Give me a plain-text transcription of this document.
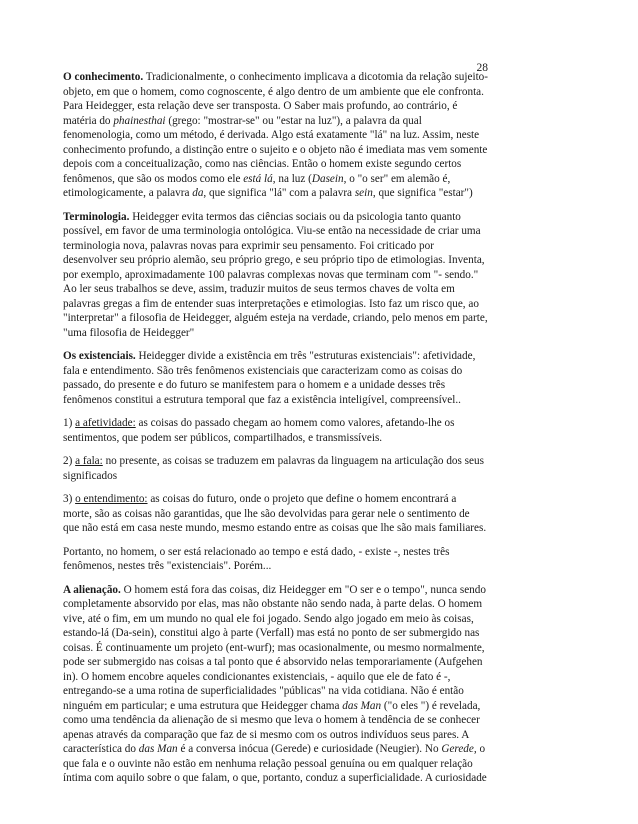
28

O conhecimento. Tradicionalmente, o conhecimento implicava a dicotomia da relação sujeito-objeto, em que o homem, como cognoscente, é algo dentro de um ambiente que ele confronta. Para Heidegger, esta relação deve ser transposta. O Saber mais profundo, ao contrário, é matéria do phainesthai (grego: "mostrar-se" ou "estar na luz"), a palavra da qual fenomenologia, como um método, é derivada. Algo está exatamente "lá" na luz. Assim, neste conhecimento profundo, a distinção entre o sujeito e o objeto não é imediata mas vem somente depois com a conceitualização, como nas ciências. Então o homem existe segundo certos fenômenos, que são os modos como ele está lá, na luz (Dasein, o "o ser" em alemão é, etimologicamente, a palavra da, que significa "lá" com a palavra sein, que significa "estar")

Terminologia. Heidegger evita termos das ciências sociais ou da psicologia tanto quanto possível, em favor de uma terminologia ontológica. Viu-se então na necessidade de criar uma terminologia nova, palavras novas para exprimir seu pensamento. Foi criticado por desenvolver seu próprio alemão, seu próprio grego, e seu próprio tipo de etimologias. Inventa, por exemplo, aproximadamente 100 palavras complexas novas que terminam com "- sendo." Ao ler seus trabalhos se deve, assim, traduzir muitos de seus termos chaves de volta em palavras gregas a fim de entender suas interpretações e etimologias. Isto faz um risco que, ao "interpretar" a filosofia de Heidegger, alguém esteja na verdade, criando, pelo menos em parte, "uma filosofia de Heidegger"

Os existenciais. Heidegger divide a existência em três "estruturas existenciais": afetividade, fala e entendimento. São três fenômenos existenciais que caracterizam como as coisas do passado, do presente e do futuro se manifestem para o homem e a unidade desses três fenômenos constitui a estrutura temporal que faz a existência inteligível, compreensível..

1) a afetividade: as coisas do passado chegam ao homem como valores, afetando-lhe os sentimentos, que podem ser públicos, compartilhados, e transmissíveis.

2) a fala: no presente, as coisas se traduzem em palavras da linguagem na articulação dos seus significados

3) o entendimento: as coisas do futuro, onde o projeto que define o homem encontrará a morte, são as coisas não garantidas, que lhe são devolvidas para gerar nele o sentimento de que não está em casa neste mundo, mesmo estando entre as coisas que lhe são mais familiares.

Portanto, no homem, o ser está relacionado ao tempo e está dado, - existe -, nestes três fenômenos, nestes três "existenciais". Porém...

A alienação. O homem está fora das coisas, diz Heidegger em "O ser e o tempo", nunca sendo completamente absorvido por elas, mas não obstante não sendo nada, à parte delas. O homem vive, até o fim, em um mundo no qual ele foi jogado. Sendo algo jogado em meio às coisas, estando-lá (Da-sein), constitui algo à parte (Verfall) mas está no ponto de ser submergido nas coisas. É continuamente um projeto (ent-wurf); mas ocasionalmente, ou mesmo normalmente, pode ser submergido nas coisas a tal ponto que é absorvido nelas temporariamente (Aufgehen in). O homem encobre aqueles condicionantes existenciais, - aquilo que ele de fato é -, entregando-se a uma rotina de superficialidades "públicas" na vida cotidiana. Não é então ninguém em particular; e uma estrutura que Heidegger chama das Man ("o eles ") é revelada, como uma tendência da alienação de si mesmo que leva o homem à tendência de se conhecer apenas através da comparação que faz de si mesmo com os outros indivíduos seus pares. A característica do das Man é a conversa inócua (Gerede) e curiosidade (Neugier). No Gerede, o que fala e o ouvinte não estão em nenhuma relação pessoal genuína ou em qualquer relação íntima com aquilo sobre o que falam, o que, portanto, conduz a superficialidade. A curiosidade
